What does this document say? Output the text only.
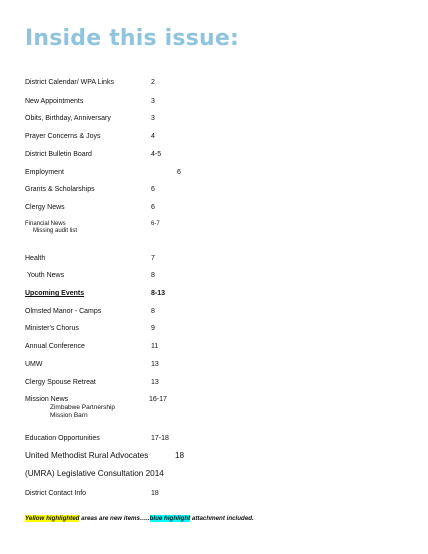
Inside this issue:
District Calendar/ WPA Links	2
New Appointments	3
Obits, Birthday, Anniversary	3
Prayer Concerns & Joys	4
District Bulletin Board	4-5
Employment	6
Grants & Scholarships	6
Clergy News	6
Financial News	6-7
Missing audit list
Health	7
Youth News	8
Upcoming Events	8-13
Olmsted Manor - Camps	8
Minister's Chorus	9
Annual Conference	11
UMW	13
Clergy Spouse Retreat	13
Mission News	16-17
Zimbabwe Partnership
Mission Barn
Education Opportunities	17-18
United Methodist Rural Advocates	18
(UMRA) Legislative Consultation 2014
District Contact Info	18
Yellow highlighted areas are new items…..blue highlight attachment included.
